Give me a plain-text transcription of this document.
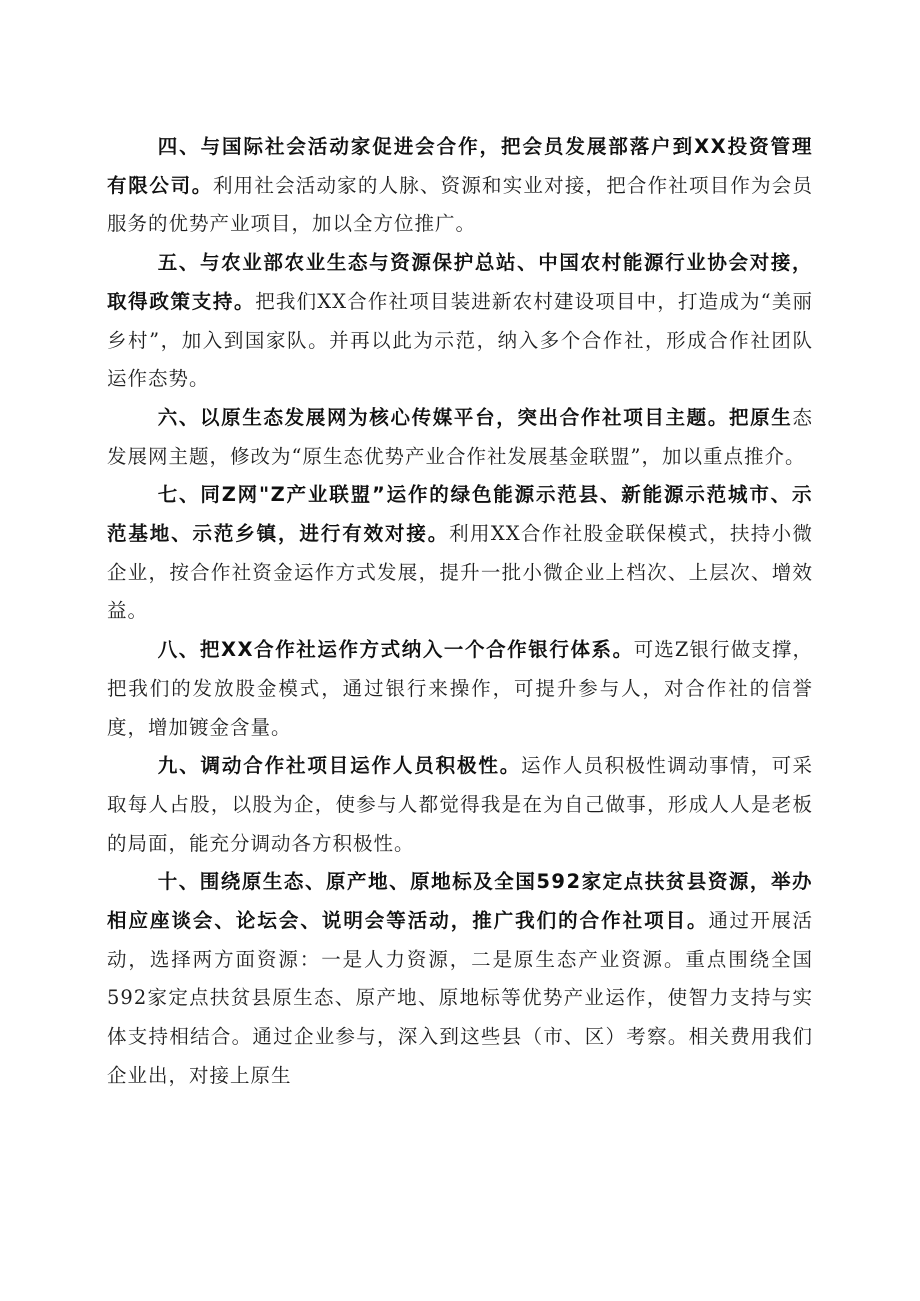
四、与国际社会活动家促进会合作，把会员发展部落户到XX投资管理有限公司。利用社会活动家的人脉、资源和实业对接，把合作社项目作为会员服务的优势产业项目，加以全方位推广。

五、与农业部农业生态与资源保护总站、中国农村能源行业协会对接，取得政策支持。把我们XX合作社项目装进新农村建设项目中，打造成为“美丽乡村”，加入到国家队。并再以此为示范，纳入多个合作社，形成合作社团队运作态势。

六、以原生态发展网为核心传媒平台，突出合作社项目主题。把原生态发展网主题，修改为“原生态优势产业合作社发展基金联盟”，加以重点推介。

七、同Z网"Z产业联盟”运作的绿色能源示范县、新能源示范城市、示范基地、示范乡镇，进行有效对接。利用XX合作社股金联保模式，扶持小微企业，按合作社资金运作方式发展，提升一批小微企业上档次、上层次、增效益。

八、把XX合作社运作方式纳入一个合作银行体系。可选Z银行做支撑，把我们的发放股金模式，通过银行来操作，可提升参与人，对合作社的信誉度，增加镀金含量。

九、调动合作社项目运作人员积极性。运作人员积极性调动事情，可采取每人占股，以股为企，使参与人都觉得我是在为自己做事，形成人人是老板的局面，能充分调动各方积极性。

十、围绕原生态、原产地、原地标及全国592家定点扶贫县资源，举办相应座谈会、论坛会、说明会等活动，推广我们的合作社项目。通过开展活动，选择两方面资源：一是人力资源，二是原生态产业资源。重点围绕全国592家定点扶贫县原生态、原产地、原地标等优势产业运作，使智力支持与实体支持相结合。通过企业参与，深入到这些县（市、区）考察。相关费用我们企业出，对接上原生
